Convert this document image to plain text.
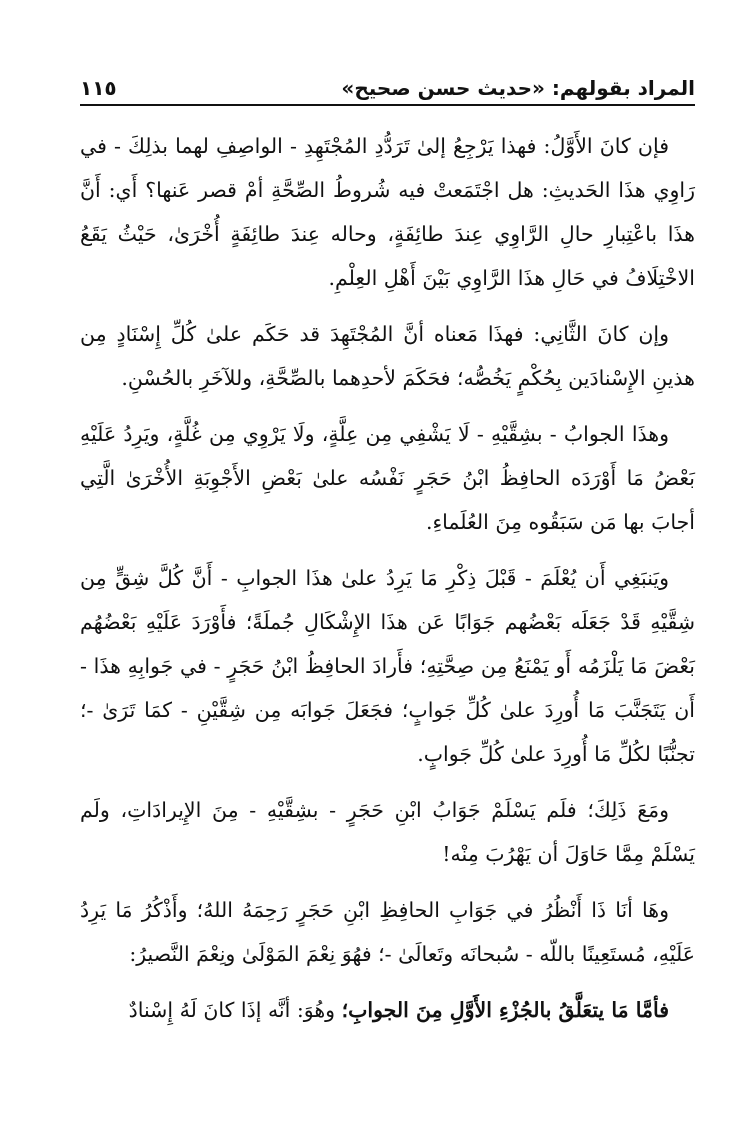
المراد بقولهم: «حديث حسن صحيح»
١١٥

فإن كانَ الأَوَّلُ: فهذا يَرْجِعُ إلىٰ تَرَدُّدِ المُجْتَهِدِ - الواصِفِ لهما بذلِكَ - في رَاوِي هذَا الحَديثِ: هل اجْتَمَعتْ فيه شُروطُ الصِّحَّةِ أمْ قصر عَنها؟ أَي: أَنَّ هذَا باعْتِبارِ حالِ الرَّاوِي عِندَ طائِفَةٍ، وحاله عِندَ طائِفَةٍ أُخْرَىٰ، حَيْثُ يَقَعُ الاخْتِلَافُ في حَالِ هذَا الرَّاوِي بَيْنَ أَهْلِ العِلْمِ.

وإن كانَ الثَّانِي: فهذَا مَعناه أنَّ المُجْتَهِدَ قد حَكَم علىٰ كُلِّ إِسْنَادٍ مِن هذينِ الإِسْنادَين بِحُكْمٍ يَخُصُّه؛ فحَكَمَ لأحدِهما بالصِّحَّةِ، وللآخَرِ بالحُسْنِ.

وهذَا الجوابُ - بشِقَّيْهِ - لَا يَشْفِي مِن عِلَّةٍ، ولَا يَرْوِي مِن غُلَّةٍ، ويَرِدُ عَلَيْهِ بَعْضُ مَا أَوْرَدَه الحافِظُ ابْنُ حَجَرٍ نَفْسُه علىٰ بَعْضِ الأَجْوِبَةِ الأُخْرَىٰ الَّتِي أجابَ بها مَن سَبَقُوه مِنَ العُلَماءِ.

ويَنبَغِي أَن يُعْلَمَ - قَبْلَ ذِكْرِ مَا يَرِدُ علىٰ هذَا الجوابِ - أَنَّ كُلَّ شِقٍّ مِن شِقَّيْهِ قَدْ جَعَلَه بَعْضُهم جَوَابًا عَن هذَا الإِشْكَالِ جُملَةً؛ فأَوْرَدَ عَلَيْهِ بَعْضُهُم بَعْضَ مَا يَلْزَمُه أَو يَمْنَعُ مِن صِحَّتِهِ؛ فأَرادَ الحافِظُ ابْنُ حَجَرٍ - في جَوابِهِ هذَا - أَن يَتَجَنَّبَ مَا أُورِدَ علىٰ كُلِّ جَوابٍ؛ فجَعَلَ جَوابَه مِن شِقَّيْنِ - كمَا تَرَىٰ -؛ تجنُّبًا لكُلِّ مَا أُورِدَ علىٰ كُلِّ جَوابٍ.

ومَعَ ذَلِكَ؛ فلَم يَسْلَمْ جَوَابُ ابْنِ حَجَرٍ - بشِقَّيْهِ - مِنَ الإِيرادَاتِ، ولَم يَسْلَمْ مِمَّا حَاوَلَ أن يَهْرُبَ مِنْه!

وهَا أنَا ذَا أَنْظُرُ في جَوَابِ الحافِظِ ابْنِ حَجَرٍ رَحِمَهُ اللهُ؛ وأَذْكُرُ مَا يَرِدُ عَلَيْهِ، مُستَعِينًا باللّه - سُبحانَه وتَعالَىٰ -؛ فهُوَ نِعْمَ المَوْلَىٰ ونِعْمَ النَّصيرُ:

فأمَّا مَا يتعَلَّقُ بالجُزْءِ الأَوَّلِ مِنَ الجوابِ؛ وهُوَ: أنَّه إذَا كانَ لَهُ إِسْنادٌ
